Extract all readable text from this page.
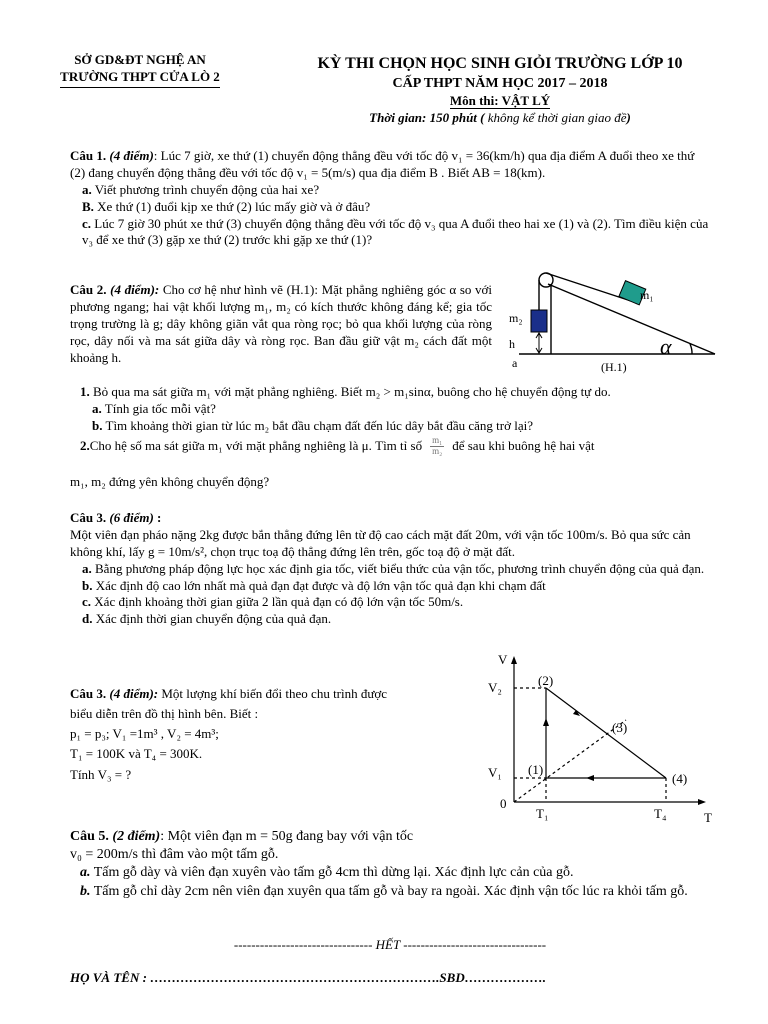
SỞ GD&ĐT NGHỆ AN
TRƯỜNG THPT CỬA LÒ 2
KỲ THI CHỌN HỌC SINH GIỎI TRƯỜNG LỚP 10
CẤP THPT NĂM HỌC 2017 – 2018
Môn thi: VẬT LÝ
Thời gian: 150 phút ( không kể thời gian giao đề)

Câu 1. (4 điểm): Lúc 7 giờ, xe thứ (1) chuyển động thẳng đều với tốc độ v₁ = 36(km/h) qua địa điểm A đuổi theo xe thứ (2) đang chuyển động thẳng đều với tốc độ v₁ = 5(m/s) qua địa điểm B . Biết AB = 18(km).

a. Viết phương trình chuyển động của hai xe?

B. Xe thứ (1) đuổi kịp xe thứ (2) lúc mấy giờ và ở đâu?

c. Lúc 7 giờ 30 phút xe thứ (3) chuyển động thẳng đều với tốc độ v₃ qua A đuổi theo hai xe (1) và (2). Tìm điều kiện của v₃ để xe thứ (3) gặp xe thứ (2) trước khi gặp xe thứ (1)?

Câu 2. (4 điểm): Cho cơ hệ như hình vẽ (H.1): Mặt phẳng nghiêng góc α so với phương ngang; hai vật khối lượng m₁, m₂ có kích thước không đáng kể; gia tốc trọng trường là g; dây không giãn vắt qua ròng rọc; bỏ qua khối lượng của ròng rọc, dây nối và ma sát giữa dây và ròng rọc. Ban đầu giữ vật m₂ cách đất một khoảng h.

m₁
m₂
h
a
α
(H.1)

1. Bỏ qua ma sát giữa m₁ với mặt phẳng nghiêng. Biết m₂ > m₁sinα, buông cho hệ chuyển động tự do.

a. Tính gia tốc mỗi vật?

b. Tìm khoảng thời gian từ lúc m₂ bắt đầu chạm đất đến lúc dây bắt đầu căng trở lại?

2. Cho hệ số ma sát giữa m₁ với mặt phẳng nghiêng là μ. Tìm tỉ số m₁
m₂ để sau khi buông hệ hai vật

m₁, m₂ đứng yên không chuyển động?

Câu 3. (6 điểm) :

Một viên đạn pháo nặng 2kg được bắn thẳng đứng lên từ độ cao cách mặt đất 20m, với vận tốc 100m/s. Bỏ qua sức cản không khí, lấy g = 10m/s², chọn trục toạ độ thẳng đứng lên trên, gốc toạ độ ở mặt đất.

a. Bằng phương pháp động lực học xác định gia tốc, viết biểu thức của vận tốc, phương trình chuyển động của quả đạn.

b. Xác định độ cao lớn nhất mà quả đạn đạt được và độ lớn vận tốc quả đạn khi chạm đất

c. Xác định khoảng thời gian giữa 2 lần quả đạn có độ lớn vận tốc 50m/s.

d. Xác định thời gian chuyển động của quả đạn.

Câu 3. (4 điểm): Một lượng khí biến đổi theo chu trình được

biểu diễn trên đồ thị hình bên. Biết :

p₁ = p₃; V₁ =1m³ , V₂ = 4m³;

T₁ = 100K và T₄ = 300K.

Tính V₃ = ?

V
T
V₂
V₁
0
T₁	T₄
(1)
(2)
(3)
(4)

Câu 5. (2 điểm): Một viên đạn m = 50g đang bay với vận tốc

v₀ = 200m/s thì đâm vào một tấm gỗ.

a. Tấm gỗ dày và viên đạn xuyên vào tấm gỗ 4cm thì dừng lại. Xác định lực cản của gỗ.

b. Tấm gỗ chỉ dày 2cm nên viên đạn xuyên qua tấm gỗ và bay ra ngoài. Xác định vận tốc lúc ra khỏi tấm gỗ.

-------------------------------- HẾT ---------------------------------
HỌ VÀ TÊN : ………………………………………………………….SBD……………….
